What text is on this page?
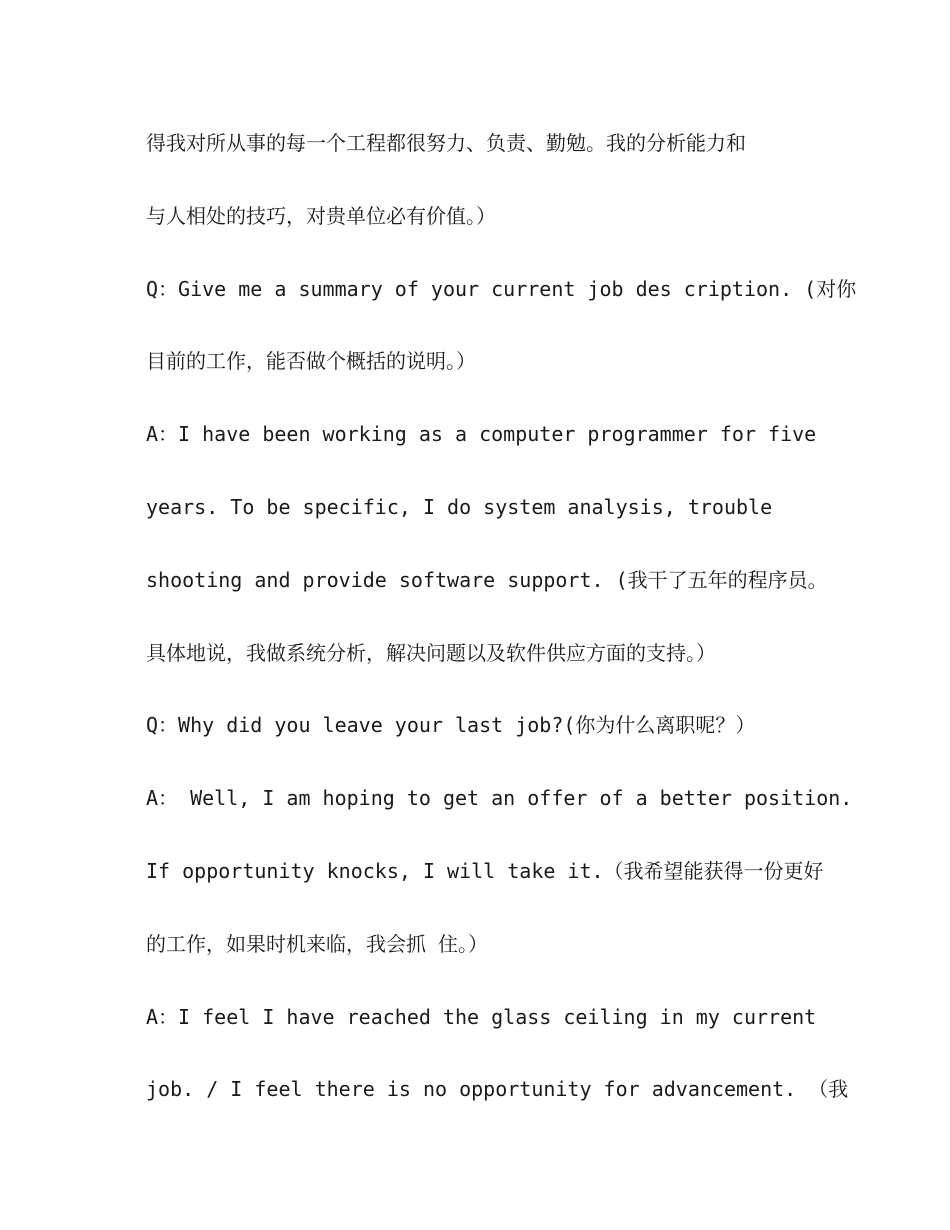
得我对所从事的每一个工程都很努力、负责、勤勉。我的分析能力和
与人相处的技巧，对贵单位必有价值。）
Q：Give me a summary of your current job des cription. (对你
目前的工作，能否做个概括的说明。）
A：I have been working as a computer programmer for five
years. To be specific, I do system analysis, trouble
shooting and provide software support. (我干了五年的程序员。
具体地说，我做系统分析，解决问题以及软件供应方面的支持。）
Q：Why did you leave your last job?(你为什么离职呢？）
A： Well, I am hoping to get an offer of a better position.
If opportunity knocks, I will take it.（我希望能获得一份更好
的工作，如果时机来临，我会抓 住。）
A：I feel I have reached the glass ceiling in my current
job. / I feel there is no opportunity for advancement. （我
